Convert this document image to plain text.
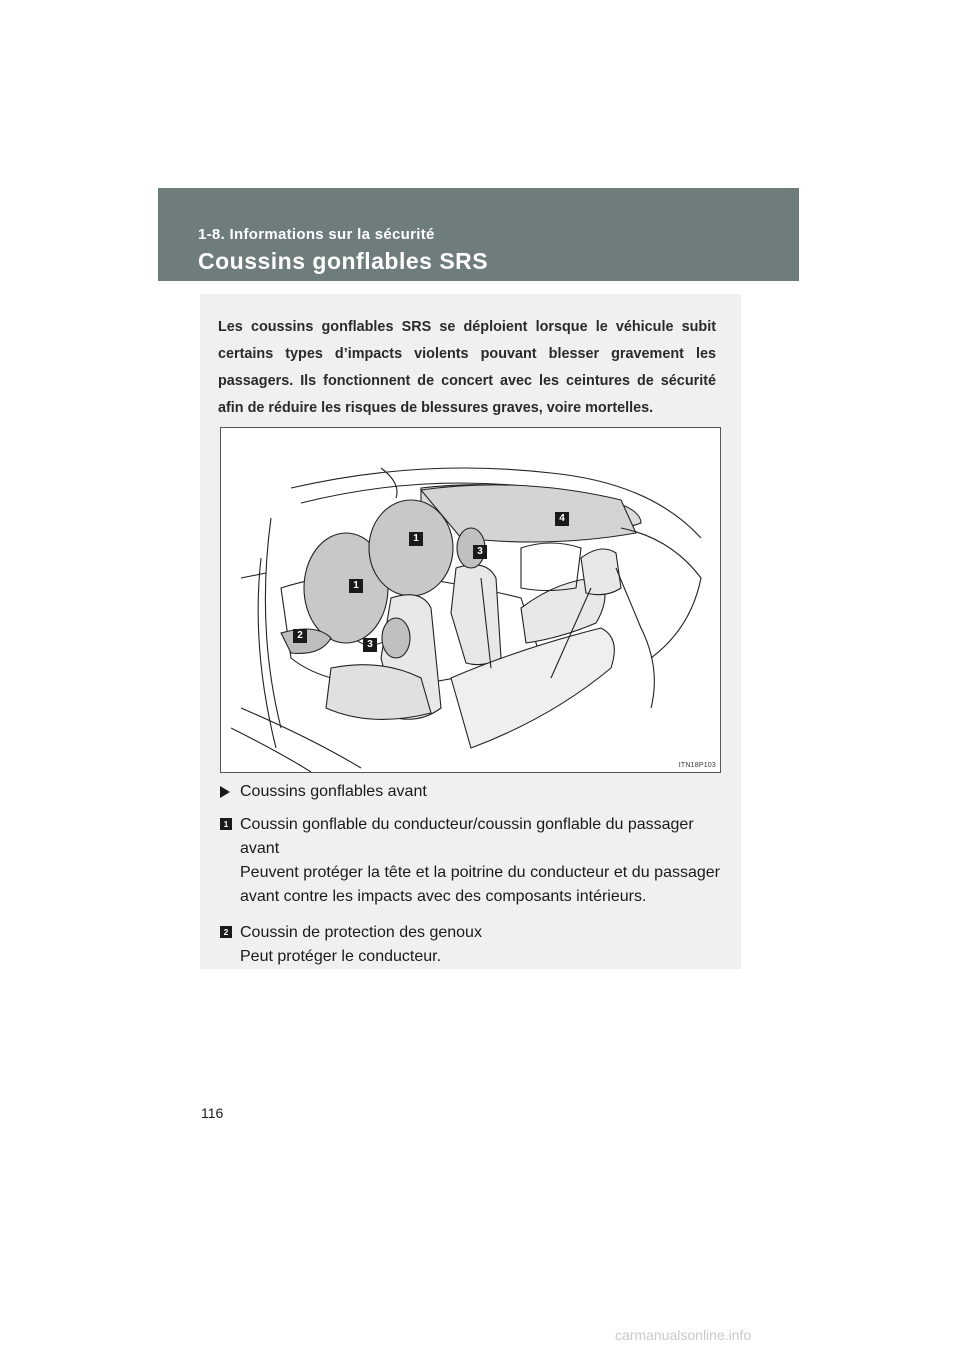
1-8. Informations sur la sécurité
Coussins gonflables SRS
Les coussins gonflables SRS se déploient lorsque le véhicule subit certains types d’impacts violents pouvant blesser gravement les passagers. Ils fonctionnent de concert avec les ceintures de sécurité afin de réduire les risques de blessures graves, voire mortelles.
1
1
2
3
3
4
ITN18P103
Coussins gonflables avant
1 Coussin gonflable du conducteur/coussin gonflable du passager avant
Peuvent protéger la tête et la poitrine du conducteur et du passager avant contre les impacts avec des composants intérieurs.
2 Coussin de protection des genoux
Peut protéger le conducteur.
116
carmanualsonline.info
